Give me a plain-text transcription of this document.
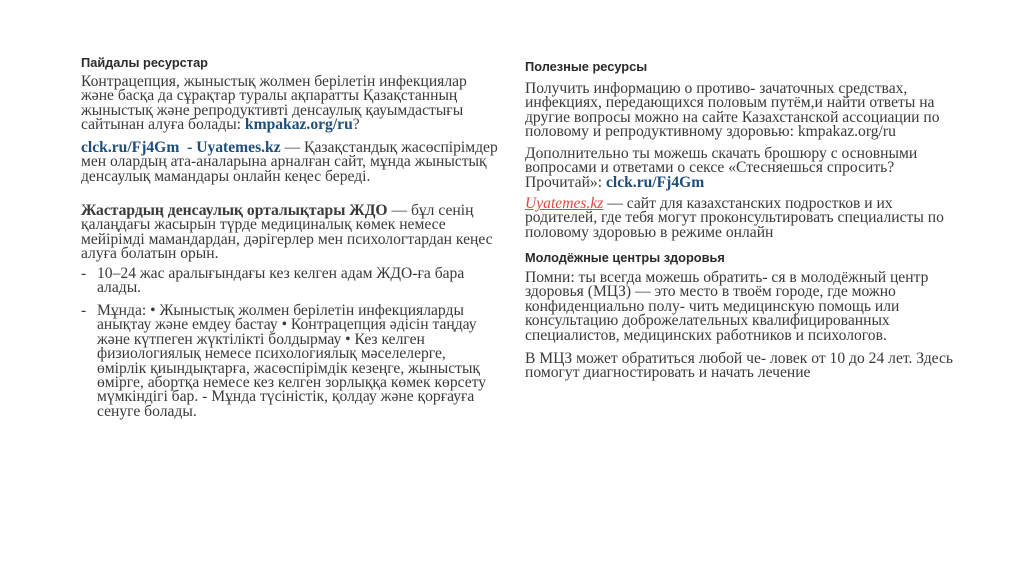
Пайдалы ресурстар

Контрацепция, жыныстық жолмен берілетін инфекциялар және басқа да сұрақтар туралы ақпаратты Қазақстанның жыныстық және репродуктивті денсаулық қауымдастығы сайтынан алуға болады: kmpakaz.org/ru?

clck.ru/Fj4Gm  - Uyatemes.kz — Қазақстандық жасөспірімдер мен олардың ата-аналарына арналған сайт, мұнда жыныстық денсаулық мамандары онлайн кеңес береді.

Жастардың денсаулық орталықтары ЖДО — бұл сенің қалаңдағы жасырын түрде медициналық көмек немесе мейірімді мамандардан, дәрігерлер мен психологтардан кеңес алуға болатын орын.

- 10–24 жас аралығындағы кез келген адам ЖДО-ға бара алады.

- Мұнда: • Жыныстық жолмен берілетін инфекцияларды анықтау және емдеу бастау • Контрацепция әдісін таңдау және күтпеген жүктілікті болдырмау • Кез келген физиологиялық немесе психологиялық мәселелерге, өмірлік қиындықтарға, жасөспірімдік кезеңге, жыныстық өмірге, абортқа немесе кез келген зорлыққа көмек көрсету мүмкіндігі бар. - Мұнда түсіністік, қолдау және қорғауға сенуге болады.

Полезные ресурсы

Получить информацию о противо- зачаточных средствах, инфекциях, передающихся половым путём,и найти ответы на другие вопросы можно на сайте Казахстанской ассоциации по половому и репродуктивному здоровью: kmpakaz.org/ru

Дополнительно ты можешь скачать брошюру с основными вопросами и ответами о сексе «Стесняешься спросить? Прочитай»: clck.ru/Fj4Gm

Uyatemes.kz — сайт для казахстанских подростков и их родителей, где тебя могут проконсультировать специалисты по половому здоровью в режиме онлайн

Молодёжные центры здоровья

Помни: ты всегда можешь обратить- ся в молодёжный центр здоровья (МЦЗ) — это место в твоём городе, где можно конфиденциально полу- чить медицинскую помощь или консультацию доброжелательных квалифицированных специалистов, медицинских работников и психологов.

В МЦЗ может обратиться любой че- ловек от 10 до 24 лет. Здесь помогут диагностировать и начать лечение
